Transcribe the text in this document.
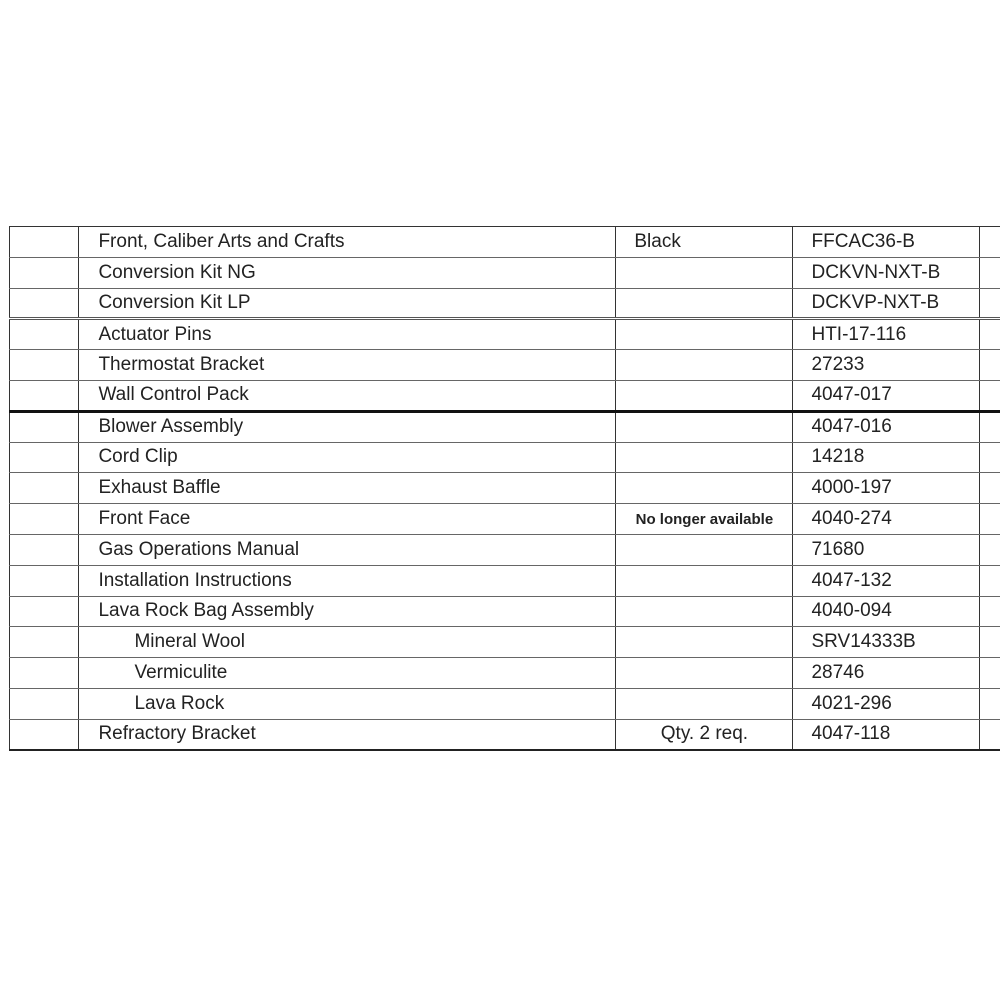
	Front, Caliber Arts and Crafts	Black	FFCAC36-B	
	Conversion Kit NG		DCKVN-NXT-B	
	Conversion Kit LP		DCKVP-NXT-B	
	Actuator Pins		HTI-17-116	
	Thermostat Bracket		27233	
	Wall Control Pack		4047-017	
	Blower Assembly		4047-016	
	Cord Clip		14218	
	Exhaust Baffle		4000-197	
	Front Face	No longer available	4040-274	
	Gas Operations Manual		71680	
	Installation Instructions		4047-132	
	Lava Rock Bag Assembly		4040-094	
	Mineral Wool		SRV14333B	
	Vermiculite		28746	
	Lava Rock		4021-296	
	Refractory Bracket	Qty. 2 req.	4047-118	
